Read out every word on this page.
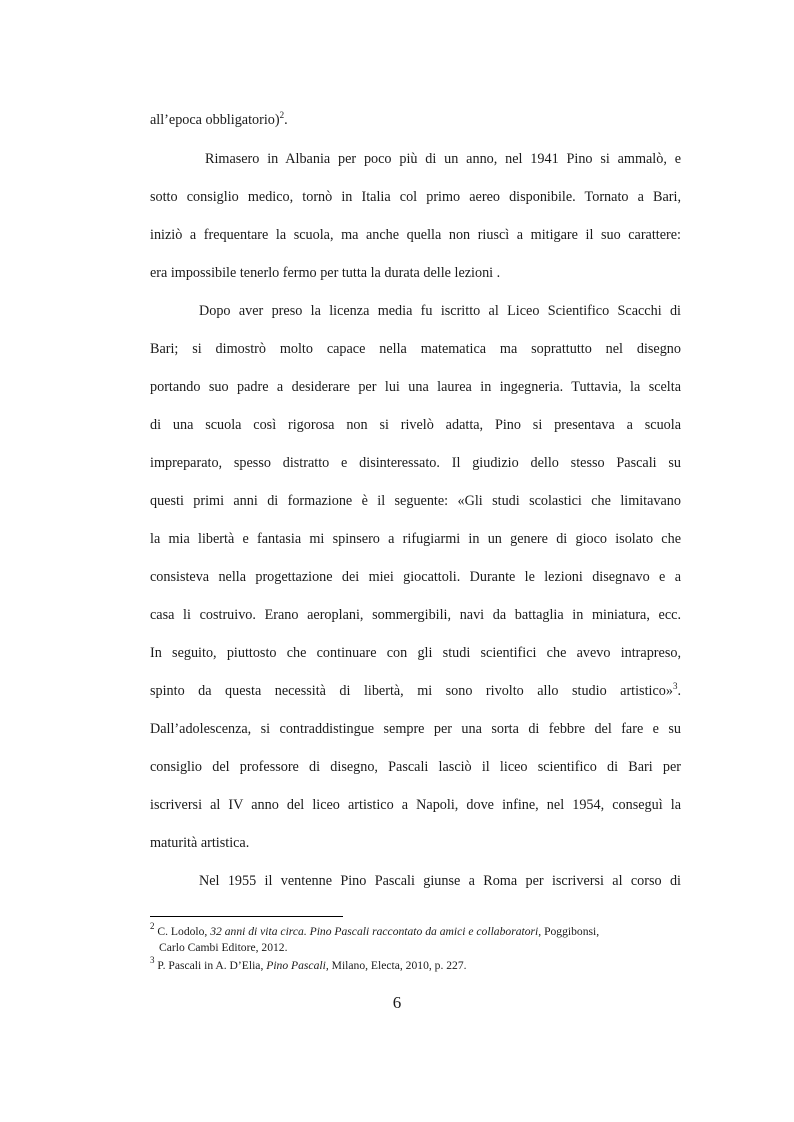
all’epoca obbligatorio)$^2$.
Rimasero in Albania per poco più di un anno, nel 1941 Pino si ammalò, e
sotto consiglio medico, tornò in Italia col primo aereo disponibile. Tornato a Bari,
iniziò a frequentare la scuola, ma anche quella non riuscì a mitigare il suo carattere:
era impossibile tenerlo fermo per tutta la durata delle lezioni .
Dopo aver preso la licenza media fu iscritto al Liceo Scientifico Scacchi di
Bari; si dimostrò molto capace nella matematica ma soprattutto nel disegno
portando suo padre a desiderare per lui una laurea in ingegneria. Tuttavia, la scelta
di una scuola così rigorosa non si rivelò adatta, Pino si presentava a scuola
impreparato, spesso distratto e disinteressato. Il giudizio dello stesso Pascali su
questi primi anni di formazione è il seguente: «Gli studi scolastici che limitavano
la mia libertà e fantasia mi spinsero a rifugiarmi in un genere di gioco isolato che
consisteva nella progettazione dei miei giocattoli. Durante le lezioni disegnavo e a
casa li costruivo. Erano aeroplani, sommergibili, navi da battaglia in miniatura, ecc.
In seguito, piuttosto che continuare con gli studi scientifici che avevo intrapreso,
spinto da questa necessità di libertà, mi sono rivolto allo studio artistico» $^3$.
Dall’adolescenza, si contraddistingue sempre per una sorta di febbre del fare e su
consiglio del professore di disegno, Pascali lasciò il liceo scientifico di Bari per
iscriversi al IV anno del liceo artistico a Napoli, dove infine, nel 1954, conseguì la
maturità artistica.
Nel 1955 il ventenne Pino Pascali giunse a Roma per iscriversi al corso di
$^2$ C. Lodolo, 32 anni di vita circa. Pino Pascali raccontato da amici e collaboratori, Poggibonsi,
Carlo Cambi Editore, 2012.
$^3$ P. Pascali in A. D’Elia, Pino Pascali, Milano, Electa, 2010, p. 227.
6
